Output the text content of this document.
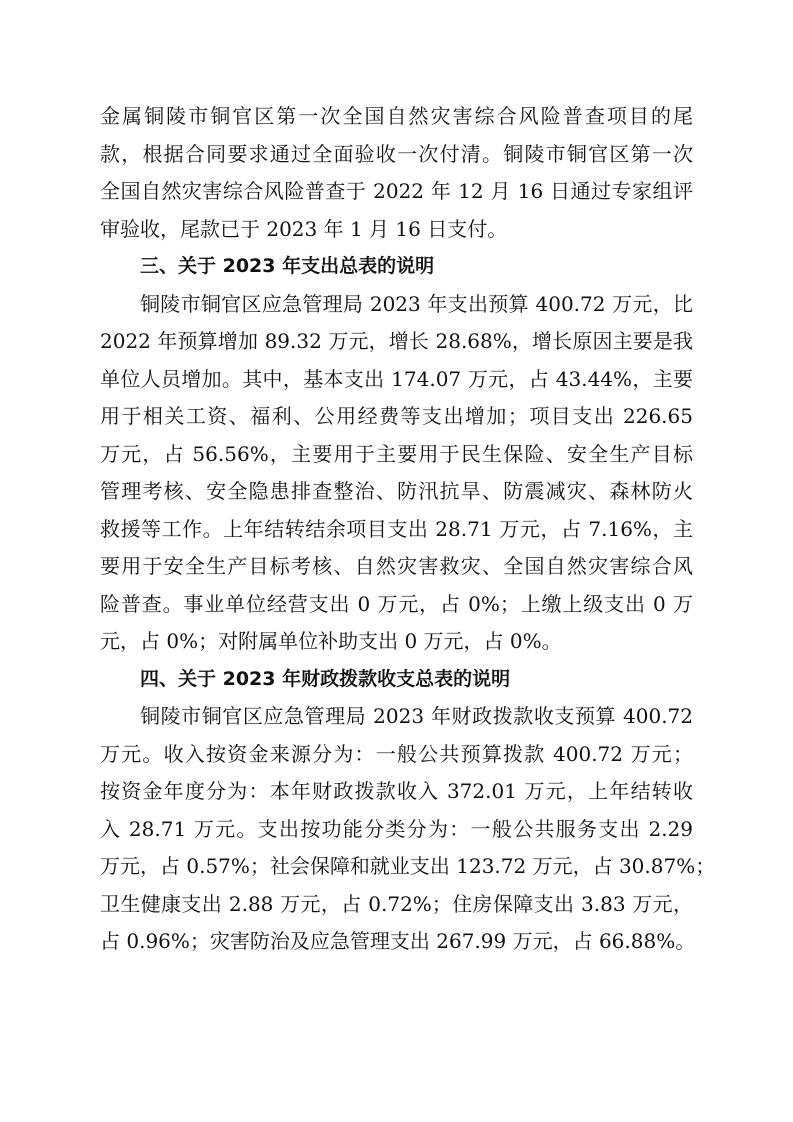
金属铜陵市铜官区第一次全国自然灾害综合风险普查项目的尾
款，根据合同要求通过全面验收一次付清。铜陵市铜官区第一次
全国自然灾害综合风险普查于 2022 年 12 月 16 日通过专家组评
审验收，尾款已于 2023 年 1 月 16 日支付。
三、关于 2023 年支出总表的说明
铜陵市铜官区应急管理局 2023 年支出预算 400.72 万元，比
2022 年预算增加 89.32 万元，增长 28.68%，增长原因主要是我
单位人员增加。其中，基本支出 174.07 万元，占 43.44%，主要
用于相关工资、福利、公用经费等支出增加；项目支出 226.65
万元，占 56.56%，主要用于主要用于民生保险、安全生产目标
管理考核、安全隐患排查整治、防汛抗旱、防震减灾、森林防火
救援等工作。上年结转结余项目支出 28.71 万元，占 7.16%，主
要用于安全生产目标考核、自然灾害救灾、全国自然灾害综合风
险普查。事业单位经营支出 0 万元，占 0%；上缴上级支出 0 万
元，占 0%；对附属单位补助支出 0 万元，占 0%。
四、关于 2023 年财政拨款收支总表的说明
铜陵市铜官区应急管理局 2023 年财政拨款收支预算 400.72
万元。收入按资金来源分为：一般公共预算拨款 400.72 万元；
按资金年度分为：本年财政拨款收入 372.01 万元，上年结转收
入 28.71 万元。支出按功能分类分为：一般公共服务支出 2.29
万元，占 0.57%；社会保障和就业支出 123.72 万元，占 30.87%；
卫生健康支出 2.88 万元，占 0.72%；住房保障支出 3.83 万元，
占 0.96%；灾害防治及应急管理支出 267.99 万元，占 66.88%。
